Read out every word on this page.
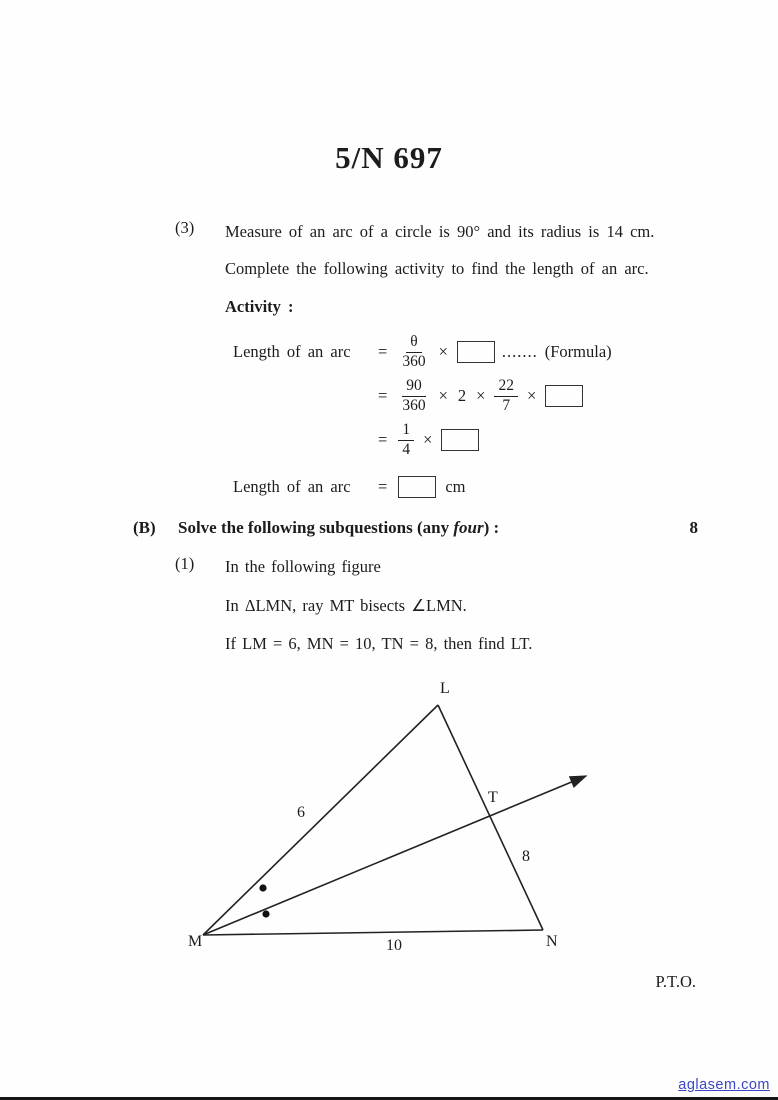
5/N 697
(3)	Measure of an arc of a circle is 90° and its radius is 14 cm.

Complete the following activity to find the length of an arc.

Activity :

Length of an arc	= $\frac{\theta}{360}$ ×	....... (Formula)
= $\frac{90}{360} \times 2 \times \frac{22}{7}$ ×
= $\frac{1}{4}$ ×
Length of an arc	=	cm
(B)	Solve the following subquestions (any four) :	8
(1)	In the following figure

In ΔLMN, ray MT bisects ∠LMN.

If LM = 6, MN = 10, TN = 8, then find LT.

L
M	N
T
6
8
10
P.T.O.
aglasem.com
